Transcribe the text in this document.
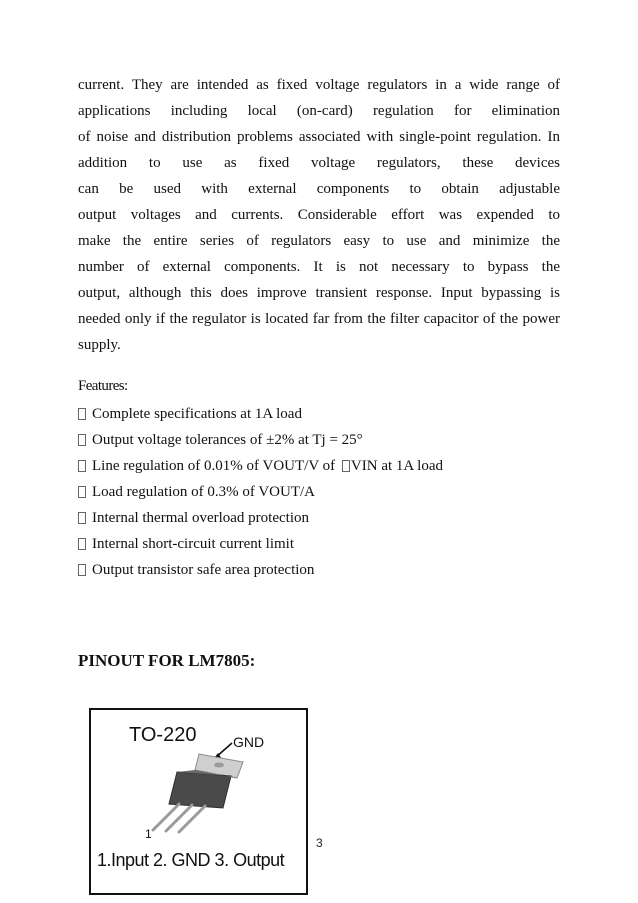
current. They are intended as fixed voltage regulators in a wide range of
applications including local (on-card) regulation for elimination
of noise and distribution problems associated with single-point regulation. In
addition to use as fixed voltage regulators, these devices
can be used with external components to obtain adjustable
output voltages and currents. Considerable effort was expended to
make the entire series of regulators easy to use and minimize the
number of external components. It is not necessary to bypass the
output, although this does improve transient response. Input bypassing is
needed only if the regulator is located far from the filter capacitor of the power
supply.
Features:
Complete specifications at 1A load
Output voltage tolerances of ±2% at Tj = 25°
Line regulation of 0.01% of VOUT/V of VIN at 1A load
Load regulation of 0.3% of VOUT/A
Internal thermal overload protection
Internal short-circuit current limit
Output transistor safe area protection
PINOUT FOR LM7805:
TO-220	GND
1
1.Input 2. GND 3. Output
3
